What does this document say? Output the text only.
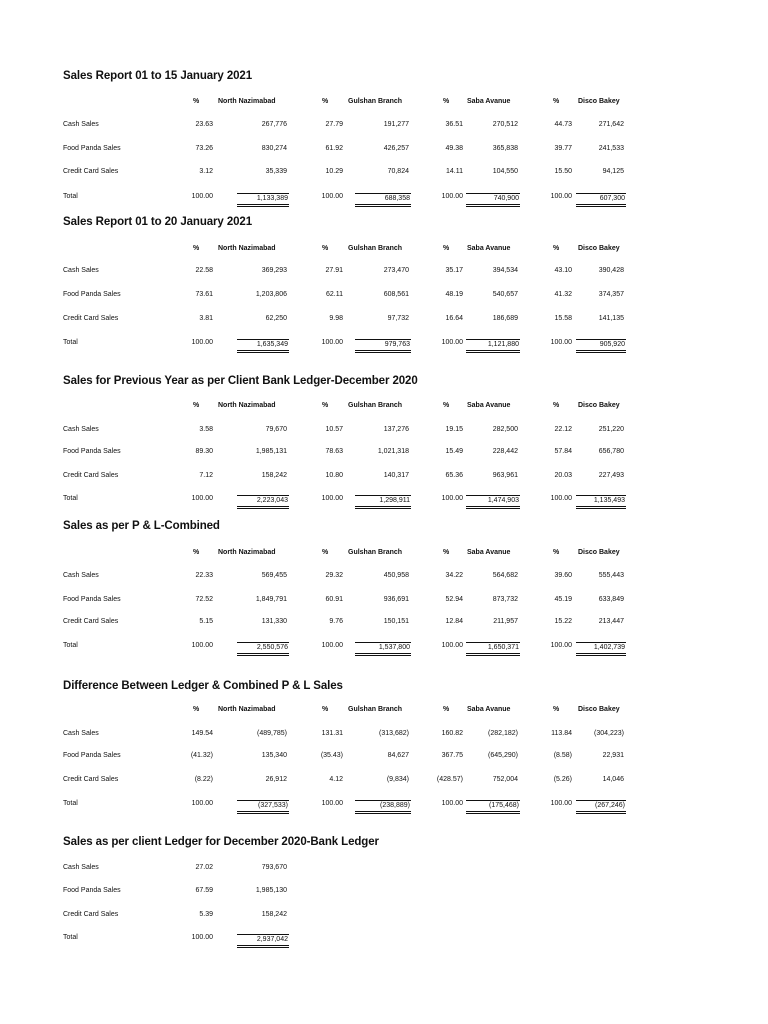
Sales Report 01 to 15 January 2021
%	North Nazimabad	%	Gulshan Branch	%	Saba Avanue	%	Disco Bakey
Cash Sales	23.63	267,776	27.79	191,277	36.51	270,512	44.73	271,642
Food Panda Sales	73.26	830,274	61.92	426,257	49.38	365,838	39.77	241,533
Credit Card Sales	3.12	35,339	10.29	70,824	14.11	104,550	15.50	94,125
Total	100.00	1,133,389	100.00	688,358	100.00	740,900	100.00	607,300
Sales Report 01 to 20 January 2021
%	North Nazimabad	%	Gulshan Branch	%	Saba Avanue	%	Disco Bakey
Cash Sales	22.58	369,293	27.91	273,470	35.17	394,534	43.10	390,428
Food Panda Sales	73.61	1,203,806	62.11	608,561	48.19	540,657	41.32	374,357
Credit Card Sales	3.81	62,250	9.98	97,732	16.64	186,689	15.58	141,135
Total	100.00	1,635,349	100.00	979,763	100.00	1,121,880	100.00	905,920
Sales for Previous Year as per Client Bank Ledger-December 2020
%	North Nazimabad	%	Gulshan Branch	%	Saba Avanue	%	Disco Bakey
Cash Sales	3.58	79,670	10.57	137,276	19.15	282,500	22.12	251,220
Food Panda Sales	89.30	1,985,131	78.63	1,021,318	15.49	228,442	57.84	656,780
Credit Card Sales	7.12	158,242	10.80	140,317	65.36	963,961	20.03	227,493
Total	100.00	2,223,043	100.00	1,298,911	100.00	1,474,903	100.00	1,135,493
Sales as per P & L-Combined
%	North Nazimabad	%	Gulshan Branch	%	Saba Avanue	%	Disco Bakey
Cash Sales	22.33	569,455	29.32	450,958	34.22	564,682	39.60	555,443
Food Panda Sales	72.52	1,849,791	60.91	936,691	52.94	873,732	45.19	633,849
Credit Card Sales	5.15	131,330	9.76	150,151	12.84	211,957	15.22	213,447
Total	100.00	2,550,576	100.00	1,537,800	100.00	1,650,371	100.00	1,402,739
Difference Between Ledger & Combined P & L Sales
%	North Nazimabad	%	Gulshan Branch	%	Saba Avanue	%	Disco Bakey
Cash Sales	149.54	(489,785)	131.31	(313,682)	160.82	(282,182)	113.84	(304,223)
Food Panda Sales	(41.32)	135,340	(35.43)	84,627	367.75	(645,290)	(8.58)	22,931
Credit Card Sales	(8.22)	26,912	4.12	(9,834)	(428.57)	752,004	(5.26)	14,046
Total	100.00	(327,533)	100.00	(238,889)	100.00	(175,468)	100.00	(267,246)
Sales as per client Ledger for December 2020-Bank Ledger
Cash Sales	27.02	793,670
Food Panda Sales	67.59	1,985,130
Credit Card Sales	5.39	158,242
Total	100.00	2,937,042
